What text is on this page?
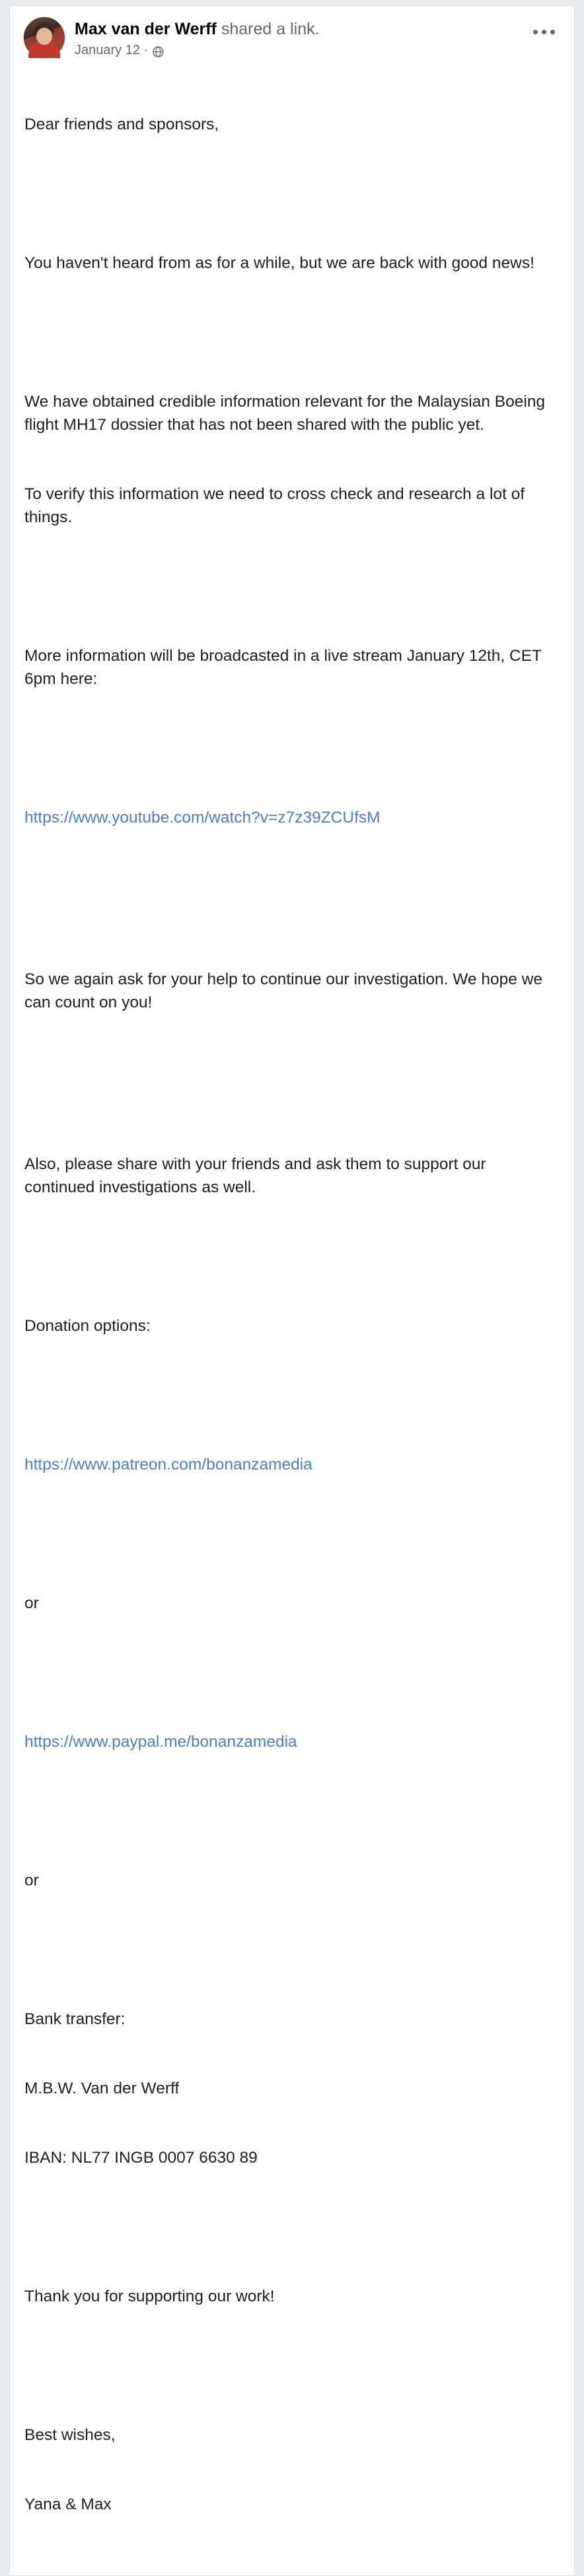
Max van der Werff shared a link.
January 12 ·

Dear friends and sponsors,

You haven't heard from as for a while, but we are back with good news!

We have obtained credible information relevant for the Malaysian Boeing flight MH17 dossier that has not been shared with the public yet.

To verify this information we need to cross check and research a lot of things.

More information will be broadcasted in a live stream January 12th, CET 6pm here:

https://www.youtube.com/watch?v=z7z39ZCUfsM

So we again ask for your help to continue our investigation. We hope we can count on you!

Also, please share with your friends and ask them to support our continued investigations as well.

Donation options:

https://www.patreon.com/bonanzamedia

or

https://www.paypal.me/bonanzamedia

or

Bank transfer:

M.B.W. Van der Werff

IBAN: NL77 INGB 0007 6630 89

Thank you for supporting our work!

Best wishes,

Yana & Max
